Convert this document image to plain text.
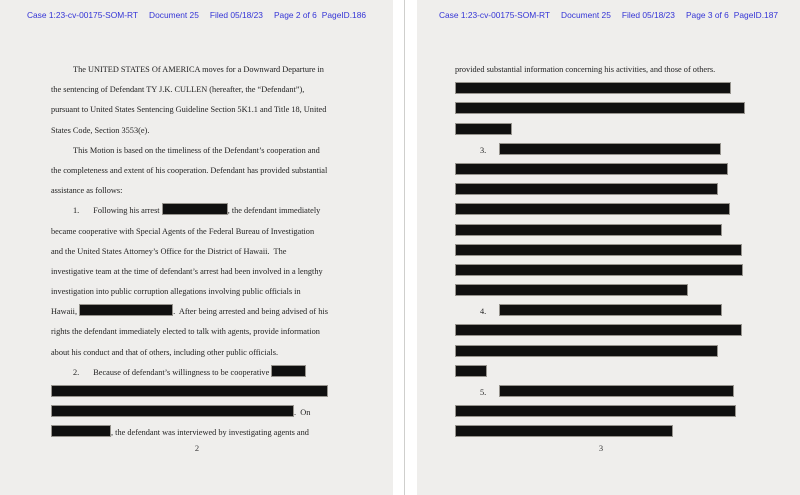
Case 1:23-cv-00175-SOM-RT Document 25 Filed 05/18/23 Page 2 of 6 PageID.186
The UNITED STATES Of AMERICA moves for a Downward Departure in
the sentencing of Defendant TY J.K. CULLEN (hereafter, the “Defendant”),
pursuant to United States Sentencing Guideline Section 5K1.1 and Title 18, United
States Code, Section 3553(e).
This Motion is based on the timeliness of the Defendant’s cooperation and
the completeness and extent of his cooperation. Defendant has provided substantial
assistance as follows:
1. Following his arrest	, the defendant immediately
became cooperative with Special Agents of the Federal Bureau of Investigation
and the United States Attorney’s Office for the District of Hawaii.  The
investigative team at the time of defendant’s arrest had been involved in a lengthy
investigation into public corruption allegations involving public officials in
Hawaii,	.  After being arrested and being advised of his
rights the defendant immediately elected to talk with agents, provide information
about his conduct and that of others, including other public officials.
2. Because of defendant’s willingness to be cooperative
.  On
, the defendant was interviewed by investigating agents and
2
Case 1:23-cv-00175-SOM-RT Document 25 Filed 05/18/23 Page 3 of 6 PageID.187
provided substantial information concerning his activities, and those of others.
3.
4.
5.
3
